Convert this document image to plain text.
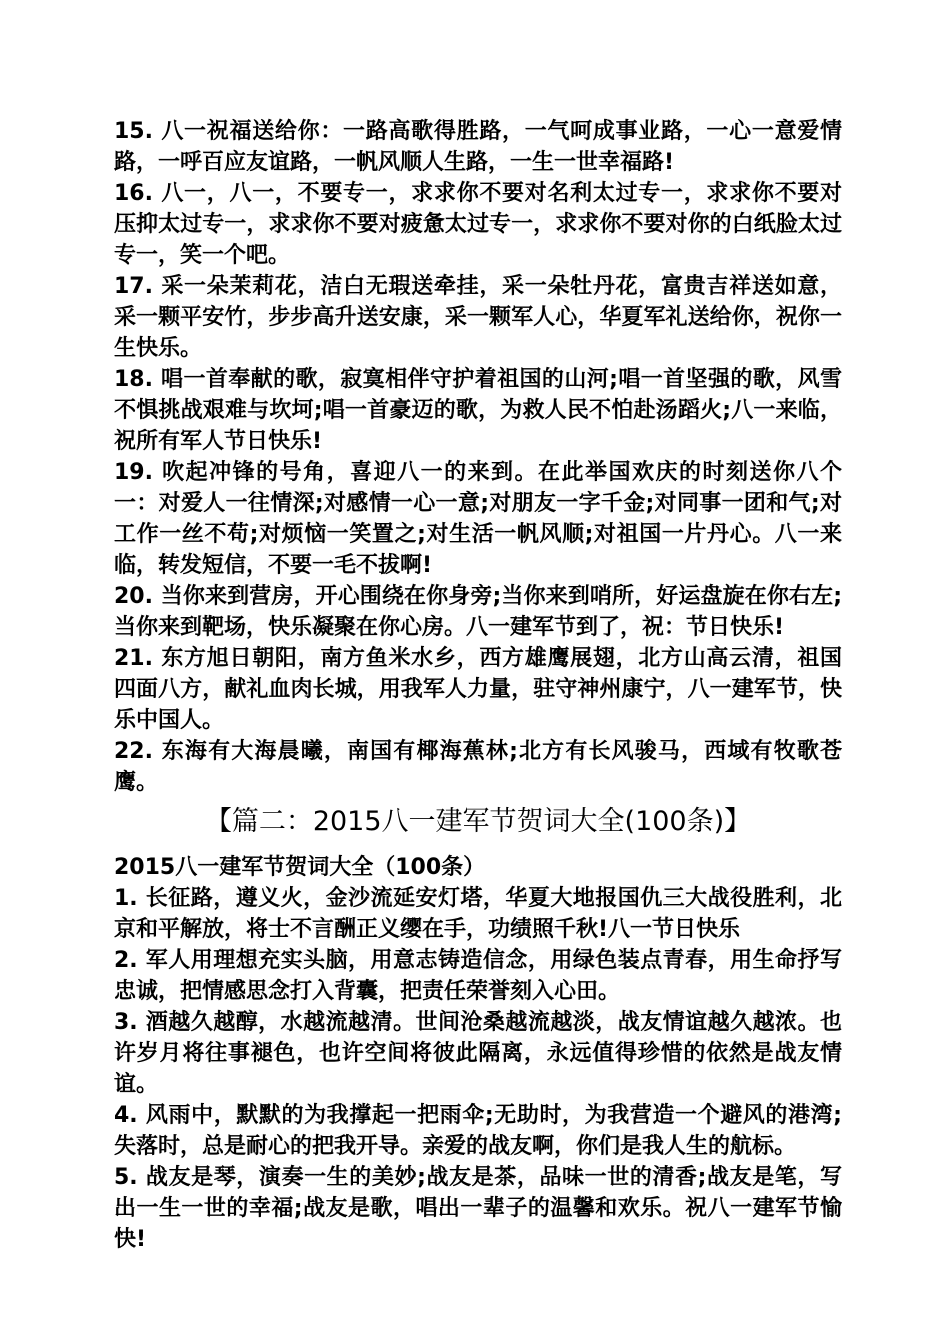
15. 八一祝福送给你：一路高歌得胜路，一气呵成事业路，一心一意爱情路，一呼百应友谊路，一帆风顺人生路，一生一世幸福路!

16. 八一，八一，不要专一，求求你不要对名利太过专一，求求你不要对压抑太过专一，求求你不要对疲惫太过专一，求求你不要对你的白纸脸太过专一，笑一个吧。

17. 采一朵茉莉花，洁白无瑕送牵挂，采一朵牡丹花，富贵吉祥送如意，采一颗平安竹，步步高升送安康，采一颗军人心，华夏军礼送给你，祝你一生快乐。

18. 唱一首奉献的歌，寂寞相伴守护着祖国的山河;唱一首坚强的歌，风雪不惧挑战艰难与坎坷;唱一首豪迈的歌，为救人民不怕赴汤蹈火;八一来临，祝所有军人节日快乐!

19. 吹起冲锋的号角，喜迎八一的来到。在此举国欢庆的时刻送你八个一：对爱人一往情深;对感情一心一意;对朋友一字千金;对同事一团和气;对工作一丝不苟;对烦恼一笑置之;对生活一帆风顺;对祖国一片丹心。八一来临，转发短信，不要一毛不拔啊!

20. 当你来到营房，开心围绕在你身旁;当你来到哨所，好运盘旋在你右左;当你来到靶场，快乐凝聚在你心房。八一建军节到了，祝：节日快乐!

21. 东方旭日朝阳，南方鱼米水乡，西方雄鹰展翅，北方山高云清，祖国四面八方，献礼血肉长城，用我军人力量，驻守神州康宁，八一建军节，快乐中国人。

22. 东海有大海晨曦，南国有椰海蕉林;北方有长风骏马，西域有牧歌苍鹰。

【篇二：2015八一建军节贺词大全(100条)】

2015八一建军节贺词大全（100条）

1. 长征路，遵义火，金沙流延安灯塔，华夏大地报国仇三大战役胜利，北京和平解放，将士不言酬正义缨在手，功绩照千秋!八一节日快乐

2. 军人用理想充实头脑，用意志铸造信念，用绿色装点青春，用生命抒写忠诚，把情感思念打入背囊，把责任荣誉刻入心田。

3. 酒越久越醇，水越流越清。世间沧桑越流越淡，战友情谊越久越浓。也许岁月将往事褪色，也许空间将彼此隔离，永远值得珍惜的依然是战友情谊。

4. 风雨中，默默的为我撑起一把雨伞;无助时，为我营造一个避风的港湾;失落时，总是耐心的把我开导。亲爱的战友啊，你们是我人生的航标。

5. 战友是琴，演奏一生的美妙;战友是茶，品味一世的清香;战友是笔，写出一生一世的幸福;战友是歌，唱出一辈子的温馨和欢乐。祝八一建军节愉快!
